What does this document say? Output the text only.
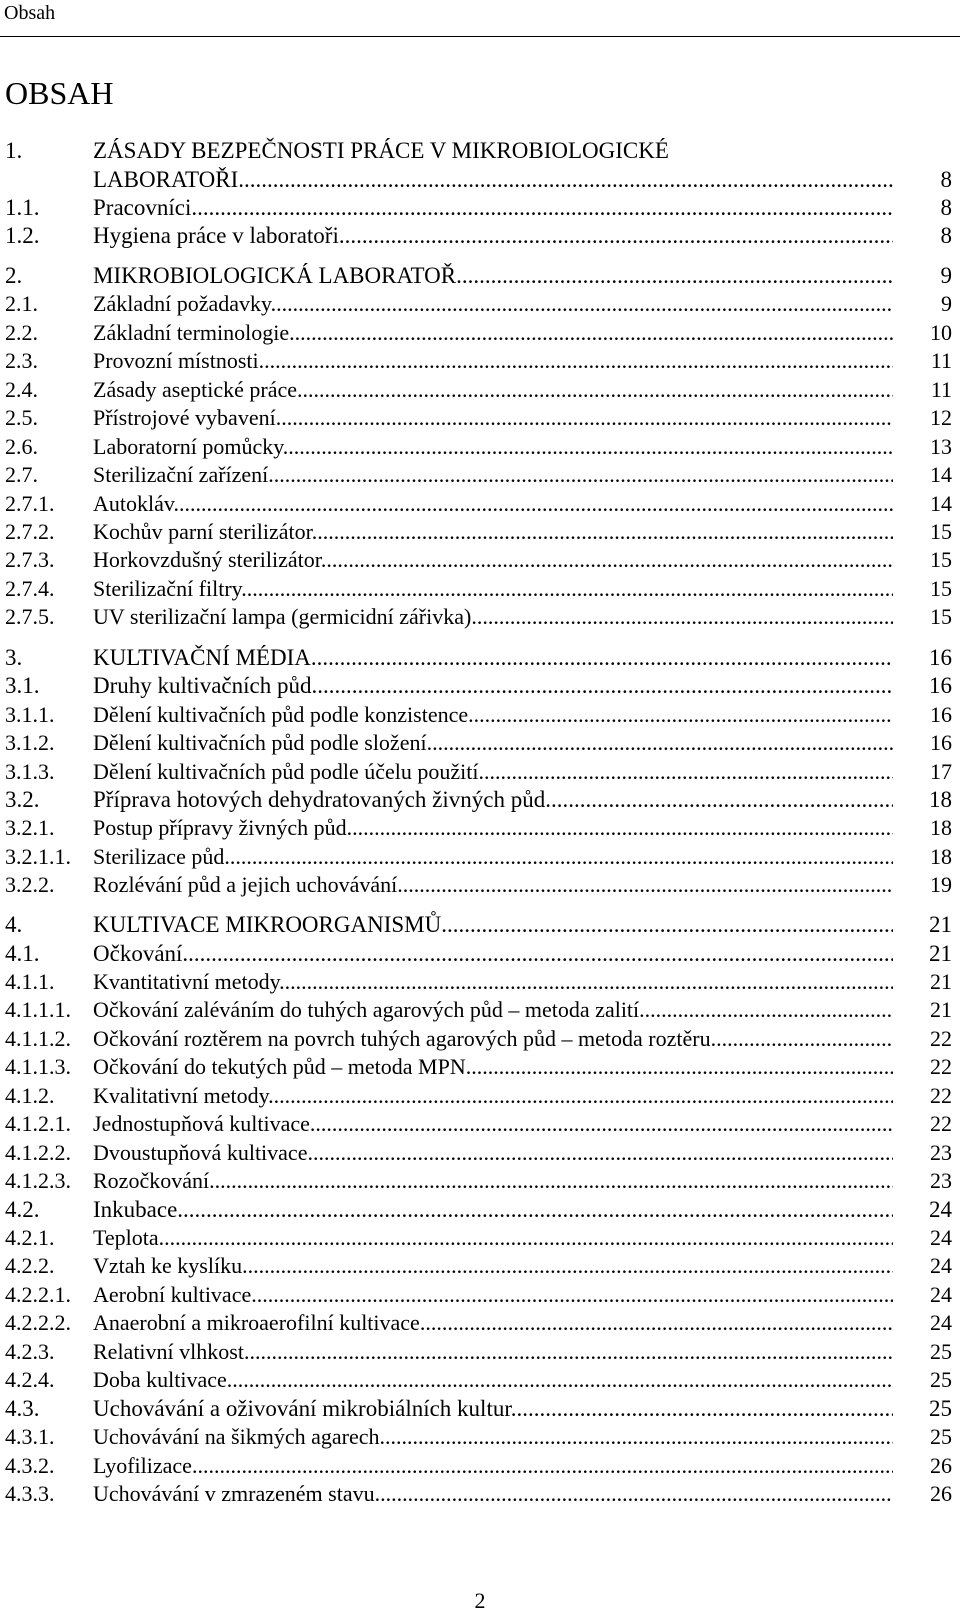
Obsah
OBSAH
1.	ZÁSADY BEZPEČNOSTI PRÁCE V MIKROBIOLOGICKÉ
LABORATOŘI .....	8
1.1. Pracovníci .....	8
1.2. Hygiena práce v laboratoři .....	8
2.	MIKROBIOLOGICKÁ LABORATOŘ .....	9
2.1.	Základní požadavky .....	9
2.2.	Základní terminologie .....	10
2.3.	Provozní místnosti .....	11
2.4.	Zásady aseptické práce .....	11
2.5.	Přístrojové vybavení .....	12
2.6.	Laboratorní pomůcky .....	13
2.7.	Sterilizační zařízení .....	14
2.7.1. Autokláv .....	14
2.7.2. Kochův parní sterilizátor .....	15
2.7.3. Horkovzdušný sterilizátor .....	15
2.7.4. Sterilizační filtry .....	15
2.7.5. UV sterilizační lampa (germicidní zářivka) .....	15
3.	KULTIVAČNÍ MÉDIA .....	16
3.1. Druhy kultivačních půd .....	16
3.1.1. Dělení kultivačních půd podle konzistence .....	16
3.1.2. Dělení kultivačních půd podle složení .....	16
3.1.3. Dělení kultivačních půd podle účelu použití .....	17
3.2. Příprava hotových dehydratovaných živných půd .....	18
3.2.1. Postup přípravy živných půd .....	18
3.2.1.1. Sterilizace půd .....	18
3.2.2. Rozlévání půd a jejich uchovávání .....	19
4.	KULTIVACE MIKROORGANISMŮ .....	21
4.1. Očkování .....	21
4.1.1. Kvantitativní metody .....	21
4.1.1.1. Očkování zaléváním do tuhých agarových půd – metoda zalití .....	21
4.1.1.2. Očkování roztěrem na povrch tuhých agarových půd – metoda roztěru .....	22
4.1.1.3. Očkování do tekutých půd – metoda MPN .....	22
4.1.2. Kvalitativní metody .....	22
4.1.2.1. Jednostupňová kultivace .....	22
4.1.2.2. Dvoustupňová kultivace .....	23
4.1.2.3. Rozočkování .....	23
4.2. Inkubace .....	24
4.2.1. Teplota .....	24
4.2.2. Vztah ke kyslíku .....	24
4.2.2.1. Aerobní kultivace .....	24
4.2.2.2. Anaerobní a mikroaerofilní kultivace .....	24
4.2.3. Relativní vlhkost .....	25
4.2.4. Doba kultivace .....	25
4.3. Uchovávání a oživování mikrobiálních kultur .....	25
4.3.1. Uchovávání na šikmých agarech .....	25
4.3.2. Lyofilizace .....	26
4.3.3. Uchovávání v zmrazeném stavu .....	26
2
